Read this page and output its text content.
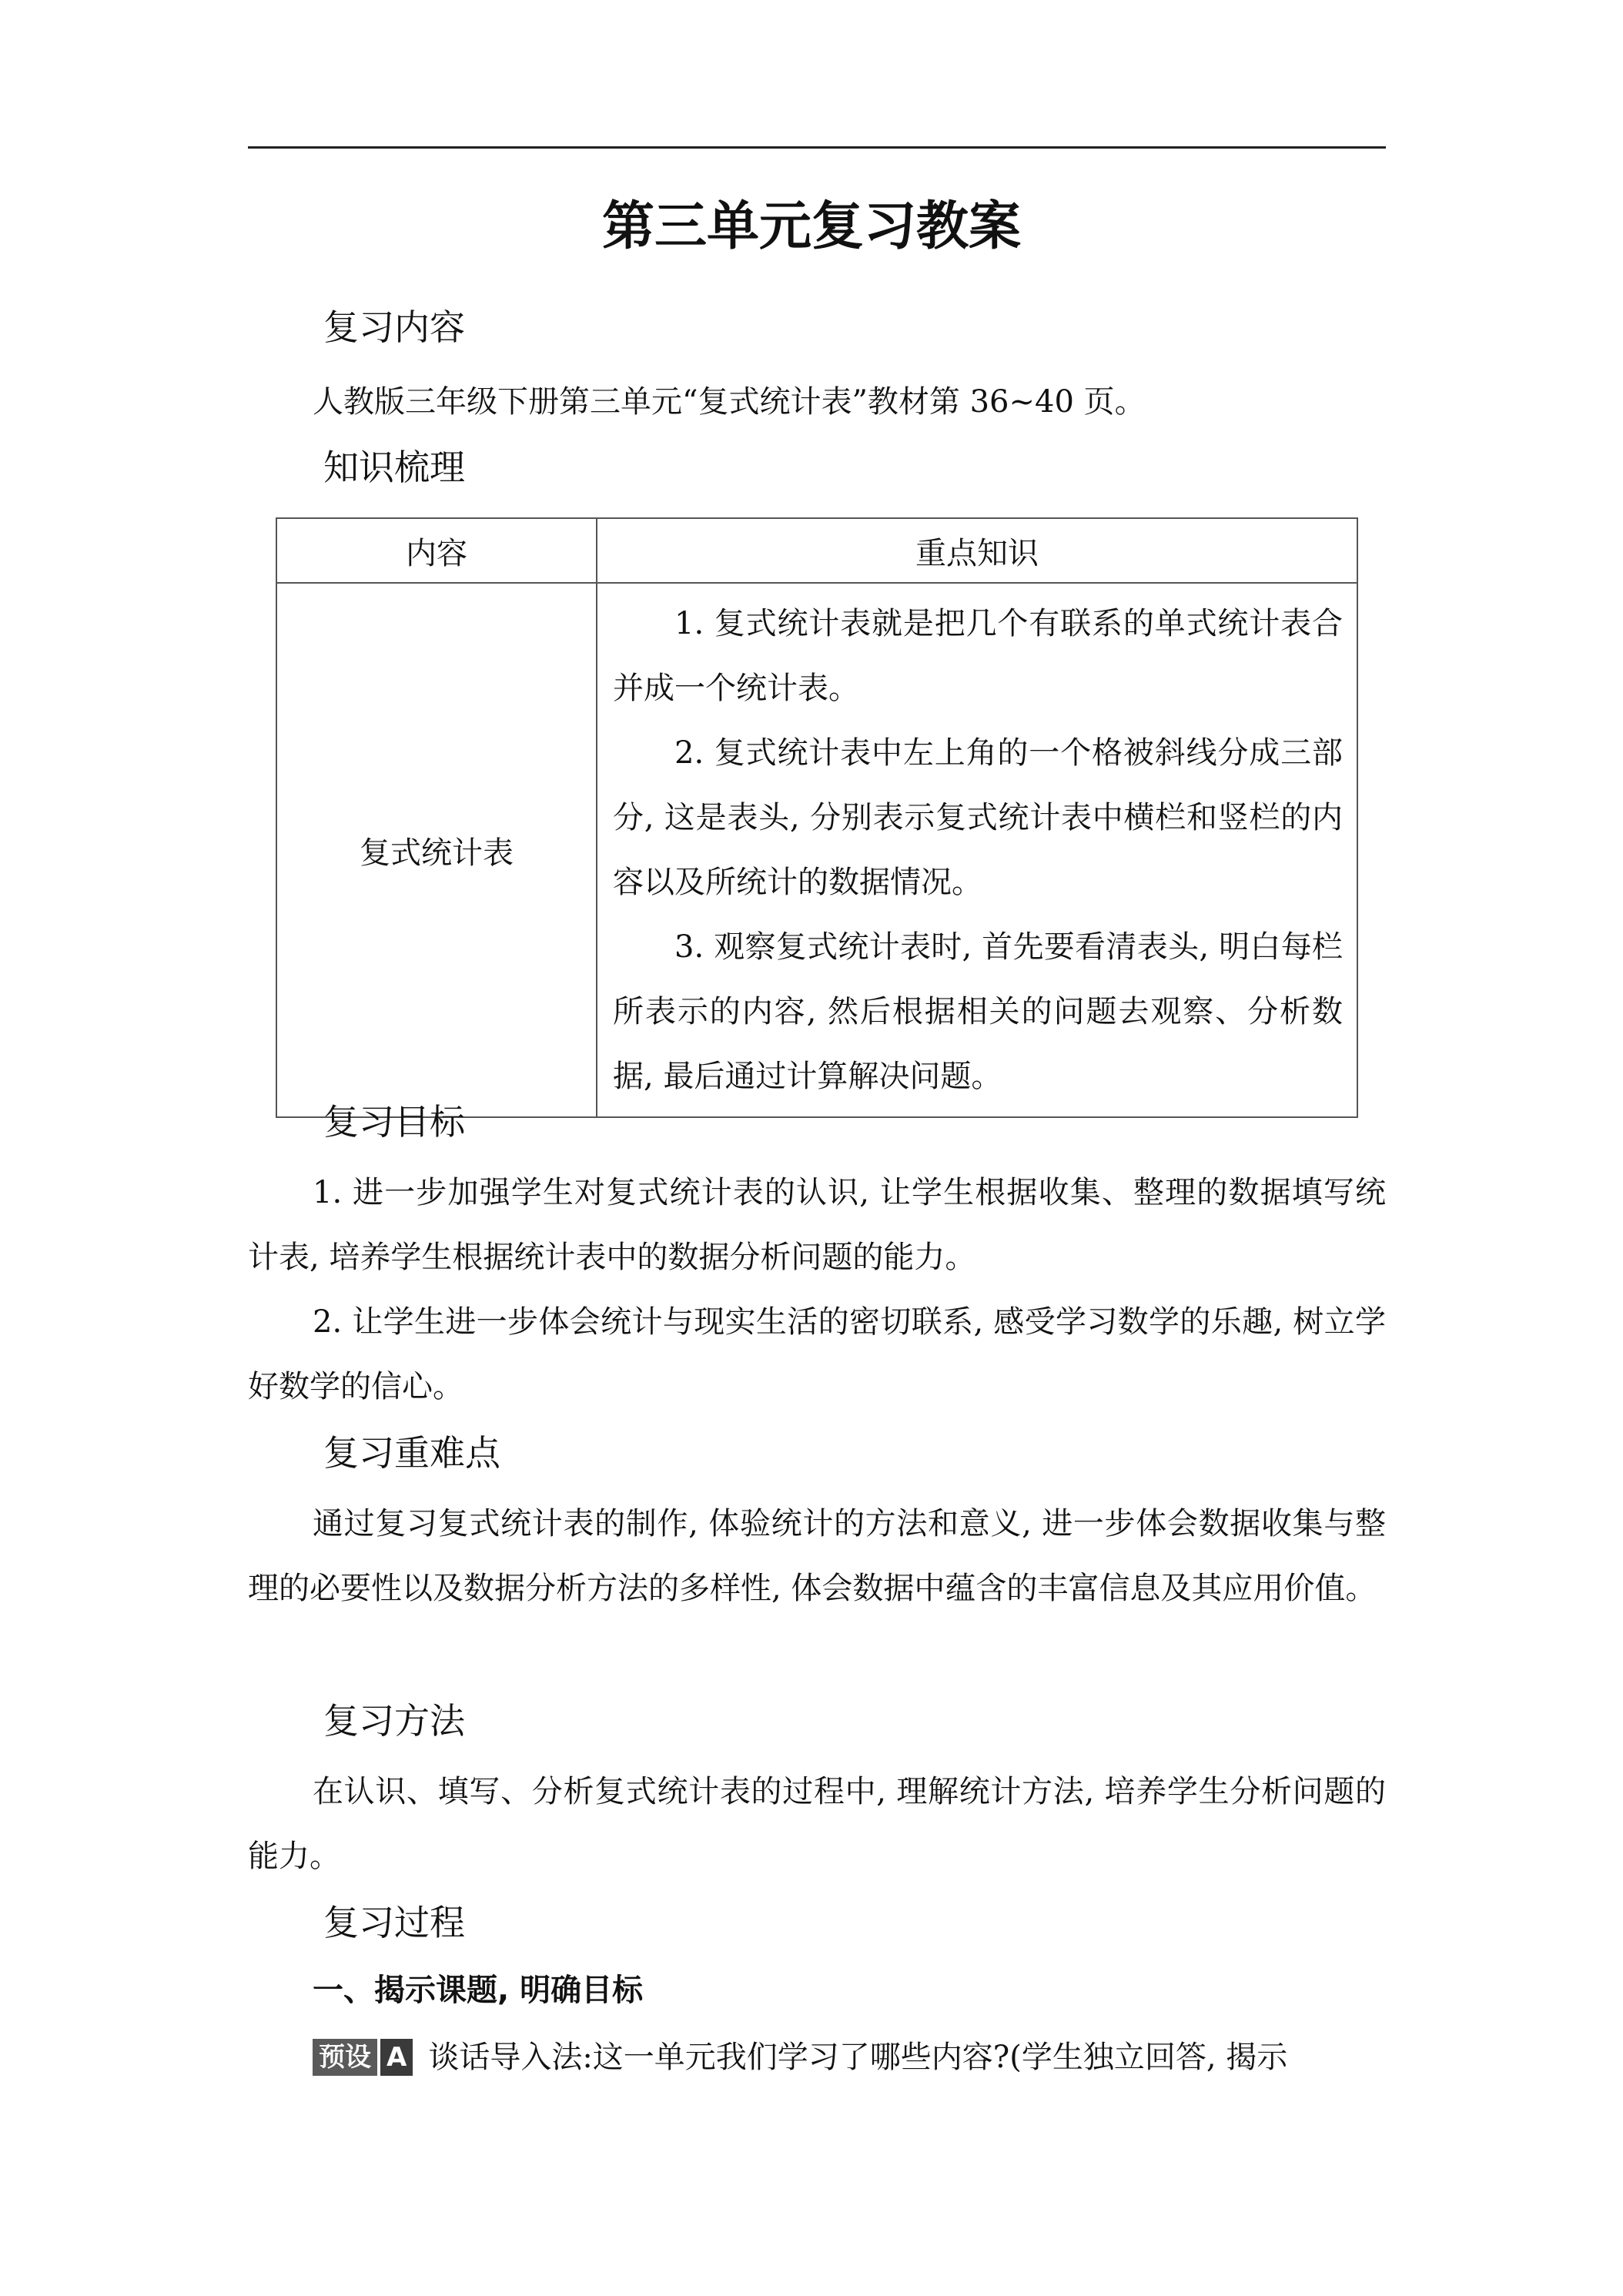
第三单元复习教案
复习内容

人教版三年级下册第三单元“复式统计表”教材第 36~40 页。

知识梳理
内容	重点知识
复式统计表	1. 复式统计表就是把几个有联系的单式统计表合并成一个统计表。

2. 复式统计表中左上角的一个格被斜线分成三部分, 这是表头, 分别表示复式统计表中横栏和竖栏的内容以及所统计的数据情况。

3. 观察复式统计表时, 首先要看清表头, 明白每栏所表示的内容, 然后根据相关的问题去观察、分析数据, 最后通过计算解决问题。

复习目标

1. 进一步加强学生对复式统计表的认识, 让学生根据收集、整理的数据填写统计表, 培养学生根据统计表中的数据分析问题的能力。

2. 让学生进一步体会统计与现实生活的密切联系, 感受学习数学的乐趣, 树立学好数学的信心。

复习重难点

通过复习复式统计表的制作, 体验统计的方法和意义, 进一步体会数据收集与整理的必要性以及数据分析方法的多样性, 体会数据中蕴含的丰富信息及其应用价值。

复习方法

在认识、填写、分析复式统计表的过程中, 理解统计方法, 培养学生分析问题的能力。

复习过程

一、揭示课题, 明确目标

预设 A 谈话导入法:这一单元我们学习了哪些内容?(学生独立回答, 揭示
